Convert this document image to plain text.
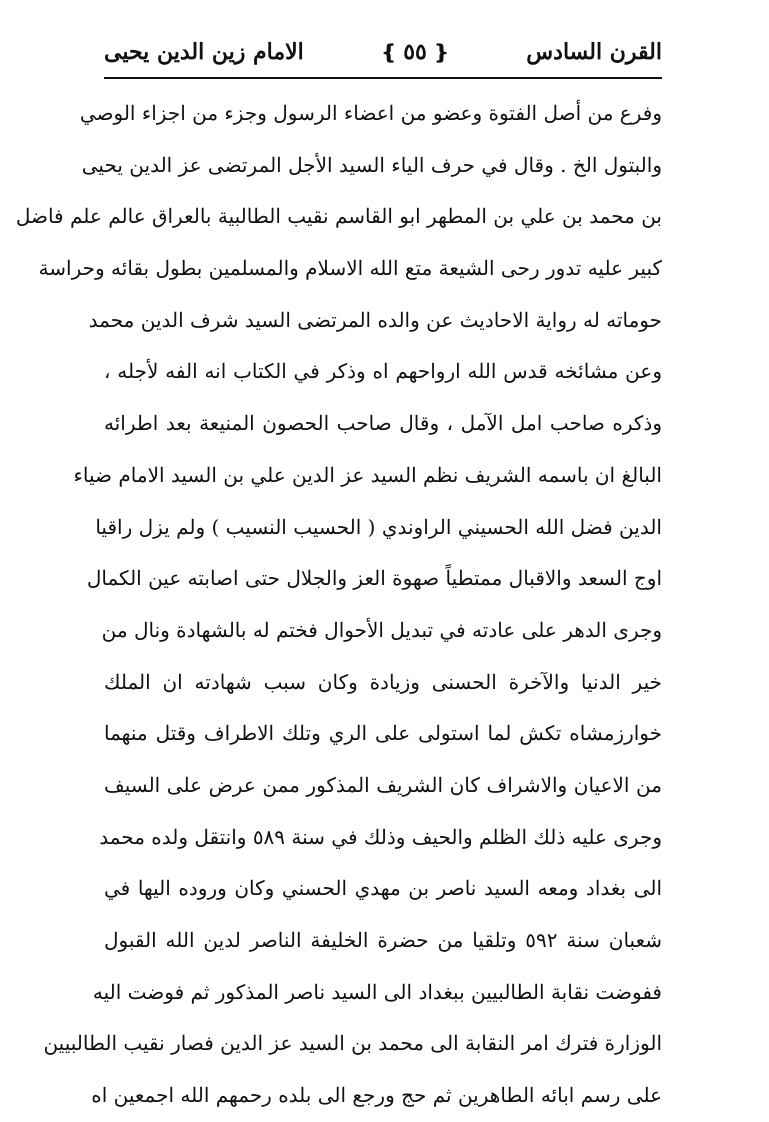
القرن السادس
❴
٥٥
❵
الامام زين الدين يحيى
وفرع من أصل الفتوة وعضو من اعضاء الرسول وجزء من اجزاء الوصي
والبتول الخ . وقال في حرف الياء السيد الأجل المرتضى عز الدين يحيى
بن محمد بن علي بن المطهر ابو القاسم نقيب الطالبية بالعراق عالم علم فاضل
كبير عليه تدور رحى الشيعة متع الله الاسلام والمسلمين بطول بقائه وحراسة
حوماته له رواية الاحاديث عن والده المرتضى السيد شرف الدين محمد
وعن مشائخه قدس الله ارواحهم اه وذكر في الكتاب انه الفه لأجله ،
وذكره صاحب امل الآمل ، وقال صاحب الحصون المنيعة بعد اطرائه
البالغ ان باسمه الشريف نظم السيد عز الدين علي بن السيد الامام ضياء
الدين فضل الله الحسيني الراوندي ( الحسيب النسيب ) ولم يزل راقيا
اوج السعد والاقبال ممتطياً صهوة العز والجلال حتى اصابته عين الكمال
وجرى الدهر على عادته في تبديل الأحوال فختم له بالشهادة ونال من
خير الدنيا والآخرة الحسنى وزيادة وكان سبب شهادته ان الملك
خوارزمشاه تكش لما استولى على الري وتلك الاطراف وقتل منهما
من الاعيان والاشراف كان الشريف المذكور ممن عرض على السيف
وجرى عليه ذلك الظلم والحيف وذلك في سنة ٥٨٩ وانتقل ولده محمد
الى بغداد ومعه السيد ناصر بن مهدي الحسني وكان وروده اليها في
شعبان سنة ٥٩٢ وتلقيا من حضرة الخليفة الناصر لدين الله القبول
ففوضت نقابة الطالبيين ببغداد الى السيد ناصر المذكور ثم فوضت اليه
الوزارة فترك امر النقابة الى محمد بن السيد عز الدين فصار نقيب الطالبيين
على رسم ابائه الطاهرين ثم حج ورجع الى بلده رحمهم الله اجمعين اه
